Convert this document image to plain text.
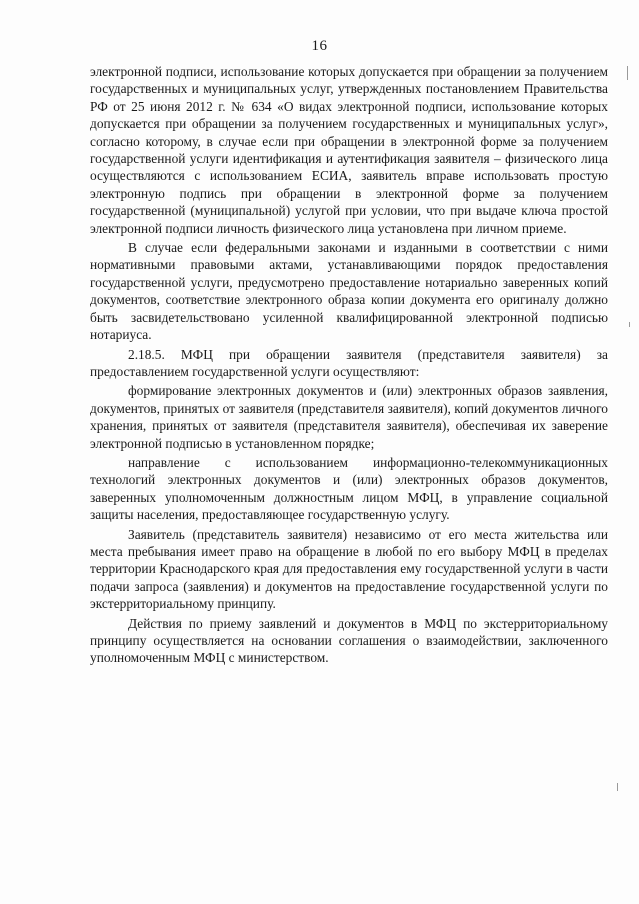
16

электронной подписи, использование которых допускается при обращении за получением государственных и муниципальных услуг, утвержденных постановлением Правительства РФ от 25 июня 2012 г. № 634 «О видах электронной подписи, использование которых допускается при обращении за получением государственных и муниципальных услуг», согласно которому, в случае если при обращении в электронной форме за получением государственной услуги идентификация и аутентификация заявителя – физического лица осуществляются с использованием ЕСИА, заявитель вправе использовать простую электронную подпись при обращении в электронной форме за получением государственной (муниципальной) услугой при условии, что при выдаче ключа простой электронной подписи личность физического лица установлена при личном приеме.

В случае если федеральными законами и изданными в соответствии с ними нормативными правовыми актами, устанавливающими порядок предоставления государственной услуги, предусмотрено предоставление нотариально заверенных копий документов, соответствие электронного образа копии документа его оригиналу должно быть засвидетельствовано усиленной квалифицированной электронной подписью нотариуса.

2.18.5. МФЦ при обращении заявителя (представителя заявителя) за предоставлением государственной услуги осуществляют:

формирование электронных документов и (или) электронных образов заявления, документов, принятых от заявителя (представителя заявителя), копий документов личного хранения, принятых от заявителя (представителя заявителя), обеспечивая их заверение электронной подписью в установленном порядке;

направление с использованием информационно-телекоммуникационных технологий электронных документов и (или) электронных образов документов, заверенных уполномоченным должностным лицом МФЦ, в управление социальной защиты населения, предоставляющее государственную услугу.

Заявитель (представитель заявителя) независимо от его места жительства или места пребывания имеет право на обращение в любой по его выбору МФЦ в пределах территории Краснодарского края для предоставления ему государственной услуги в части подачи запроса (заявления) и документов на предоставление государственной услуги по экстерриториальному принципу.

Действия по приему заявлений и документов в МФЦ по экстерриториальному принципу осуществляется на основании соглашения о взаимодействии, заключенного уполномоченным МФЦ с министерством.
